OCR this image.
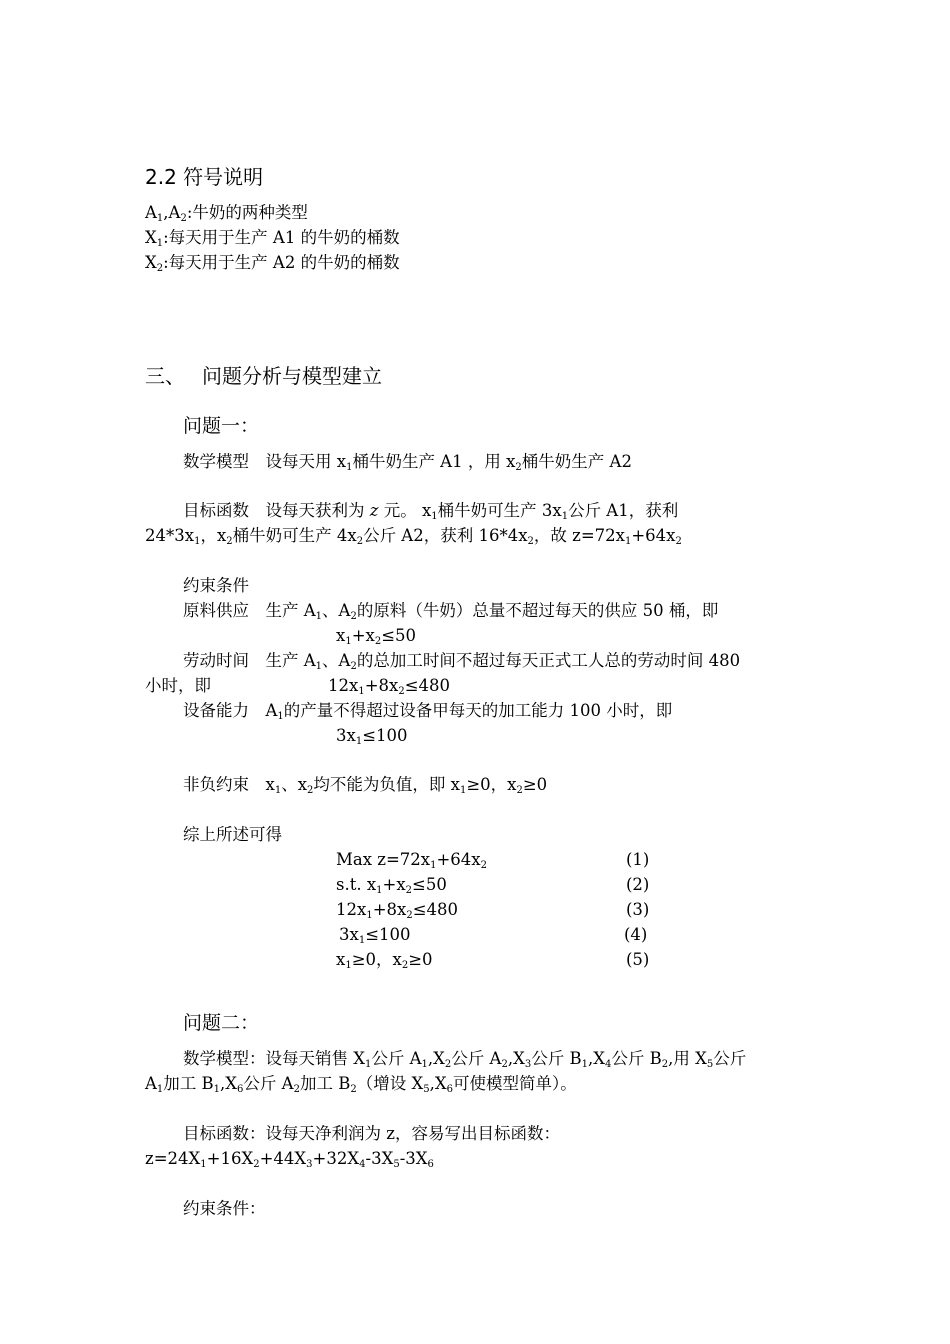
2.2 符号说明
$A_1,A_2$:牛奶的两种类型
$X_1$:每天用于生产 A1 的牛奶的桶数
$X_2$:每天用于生产 A2 的牛奶的桶数
三、 问题分析与模型建立
问题一：
数学模型　设每天用 $x_1$桶牛奶生产 A1 ，用 $x_2$桶牛奶生产 A2
目标函数　设每天获利为 z 元。 $x_1$桶牛奶可生产 $3x_1$公斤 A1，获利
$24*3x_1$，$x_2$桶牛奶可生产 $4x_2$公斤 A2，获利 $16*4x_2$，故 $z=72x_1+64x_2$
约束条件
原料供应　生产 $A_1$、$A_2$的原料（牛奶）总量不超过每天的供应 50 桶，即
$x_1+x_2\le 50$
劳动时间　生产 $A_1$、$A_2$的总加工时间不超过每天正式工人总的劳动时间 480
小时，即	$12x_1+8x_2\le 480$
设备能力　$A_1$的产量不得超过设备甲每天的加工能力 100 小时，即
$3x_1\le 100$
非负约束　$x_1$、$x_2$均不能为负值，即 $x_1\ge 0$，$x_2\ge 0$
综上所述可得
Max $z=72x_1+64x_2$	(1)
s.t. $x_1+x_2\le 50$	(2)
$12x_1+8x_2\le 480$	(3)
$3x_1\le 100$	(4)
$x_1\ge 0$，$x_2\ge 0$	(5)
问题二：
数学模型：设每天销售 $X_1$公斤 $A_1,X_2$公斤 $A_2,X_3$公斤 $B_1,X_4$公斤 $B_2$,用 $X_5$公斤
$A_1$加工 $B_1,X_6$公斤 $A_2$加工 $B_2$（增设 $X_5,X_6$可使模型简单）。
目标函数：设每天净利润为 z，容易写出目标函数：
$z=24X_1+16X_2+44X_3+32X_4-3X_5-3X_6$
约束条件：
